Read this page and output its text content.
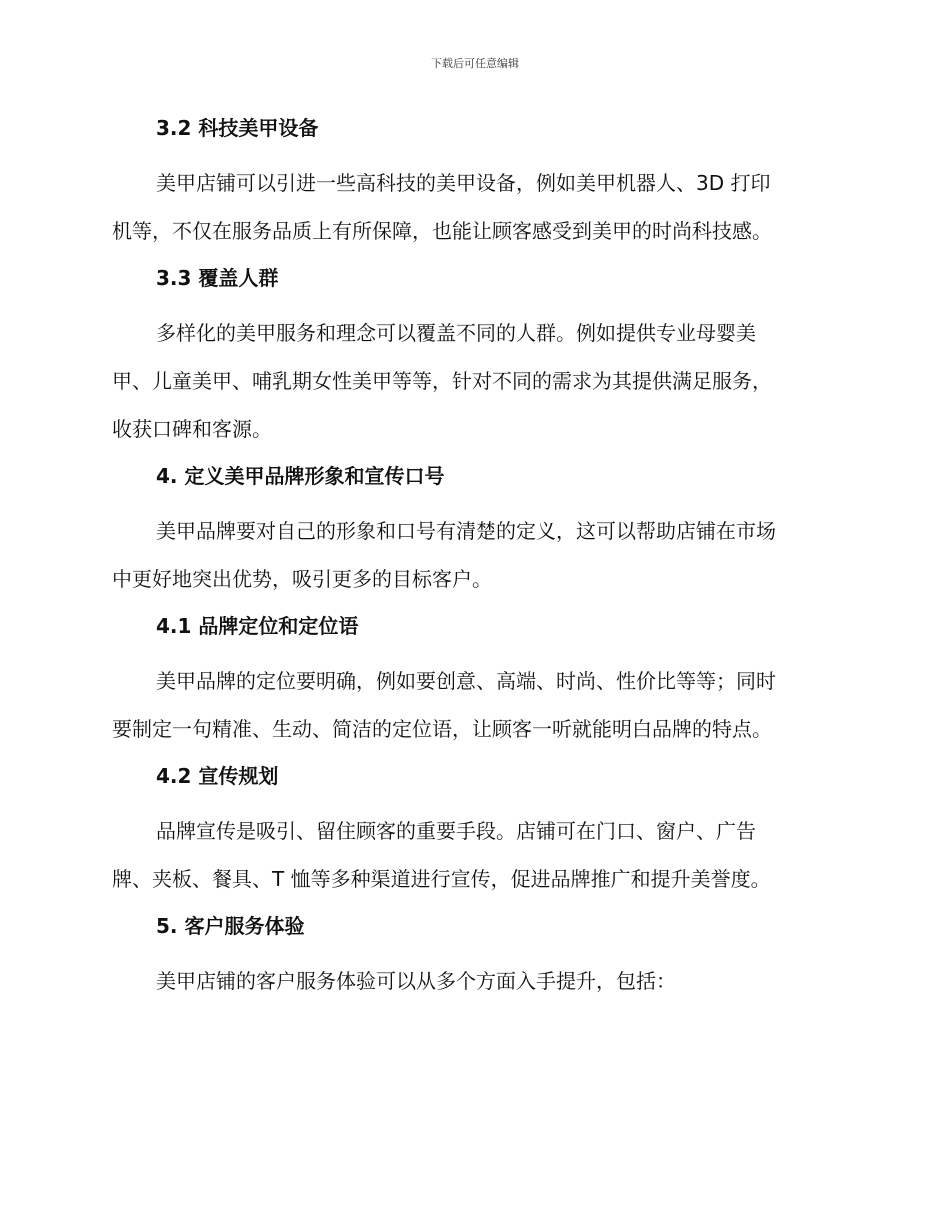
下载后可任意编辑
3.2 科技美甲设备

美甲店铺可以引进一些高科技的美甲设备，例如美甲机器人、3D 打印
机等，不仅在服务品质上有所保障，也能让顾客感受到美甲的时尚科技感。

3.3 覆盖人群

多样化的美甲服务和理念可以覆盖不同的人群。例如提供专业母婴美
甲、儿童美甲、哺乳期女性美甲等等，针对不同的需求为其提供满足服务，
收获口碑和客源。

4. 定义美甲品牌形象和宣传口号

美甲品牌要对自己的形象和口号有清楚的定义，这可以帮助店铺在市场
中更好地突出优势，吸引更多的目标客户。

4.1 品牌定位和定位语

美甲品牌的定位要明确，例如要创意、高端、时尚、性价比等等；同时
要制定一句精准、生动、简洁的定位语，让顾客一听就能明白品牌的特点。

4.2 宣传规划

品牌宣传是吸引、留住顾客的重要手段。店铺可在门口、窗户、广告
牌、夹板、餐具、T 恤等多种渠道进行宣传，促进品牌推广和提升美誉度。

5. 客户服务体验

美甲店铺的客户服务体验可以从多个方面入手提升，包括：
